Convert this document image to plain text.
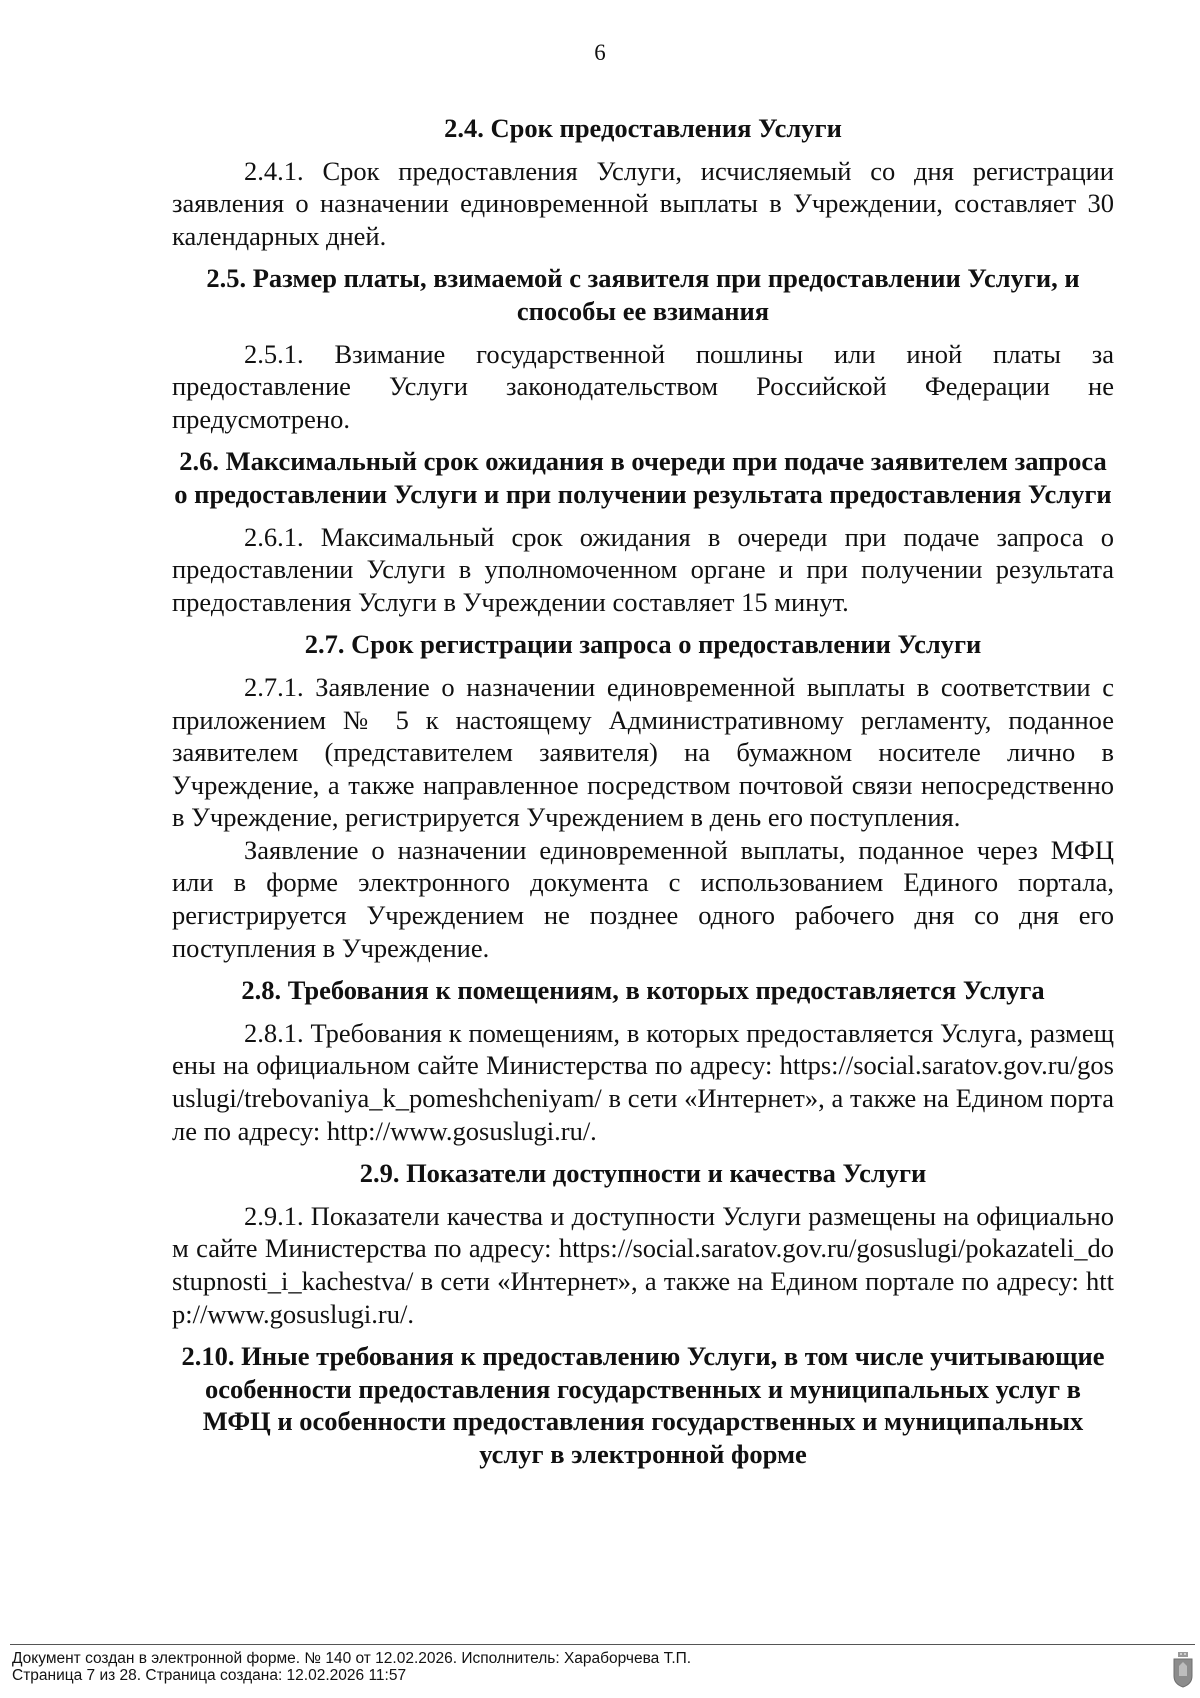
6

2.4. Срок предоставления Услуги

2.4.1. Срок предоставления Услуги, исчисляемый со дня регистрации заявления о назначении единовременной выплаты в Учреждении, составляет 30 календарных дней.

2.5. Размер платы, взимаемой с заявителя при предоставлении Услуги, и способы ее взимания

2.5.1. Взимание государственной пошлины или иной платы за предоставление Услуги законодательством Российской Федерации не предусмотрено.

2.6. Максимальный срок ожидания в очереди при подаче заявителем запроса о предоставлении Услуги и при получении результата предоставления Услуги

2.6.1. Максимальный срок ожидания в очереди при подаче запроса о предоставлении Услуги в уполномоченном органе и при получении результата предоставления Услуги в Учреждении составляет 15 минут.

2.7. Срок регистрации запроса о предоставлении Услуги

2.7.1. Заявление о назначении единовременной выплаты в соответствии с приложением № 5 к настоящему Административному регламенту, поданное заявителем (представителем заявителя) на бумажном носителе лично в Учреждение, а также направленное посредством почтовой связи непосредственно в Учреждение, регистрируется Учреждением в день его поступления.

Заявление о назначении единовременной выплаты, поданное через МФЦ или в форме электронного документа с использованием Единого портала, регистрируется Учреждением не позднее одного рабочего дня со дня его поступления в Учреждение.

2.8. Требования к помещениям, в которых предоставляется Услуга

2.8.1. Требования к помещениям, в которых предоставляется Услуга, размещены на официальном сайте Министерства по адресу: https://social.saratov.gov.ru/gosuslugi/trebovaniya_k_pomeshcheniyam/ в сети «Интернет», а также на Едином портале по адресу: http://www.gosuslugi.ru/.

2.9. Показатели доступности и качества Услуги

2.9.1. Показатели качества и доступности Услуги размещены на официальном сайте Министерства по адресу: https://social.saratov.gov.ru/gosuslugi/pokazateli_dostupnosti_i_kachestva/ в сети «Интернет», а также на Едином портале по адресу: http://www.gosuslugi.ru/.

2.10. Иные требования к предоставлению Услуги, в том числе учитывающие особенности предоставления государственных и муниципальных услуг в МФЦ и особенности предоставления государственных и муниципальных услуг в электронной форме

Документ создан в электронной форме. № 140 от 12.02.2026. Исполнитель: Хараборчева Т.П.
Страница 7 из 28. Страница создана: 12.02.2026 11:57
